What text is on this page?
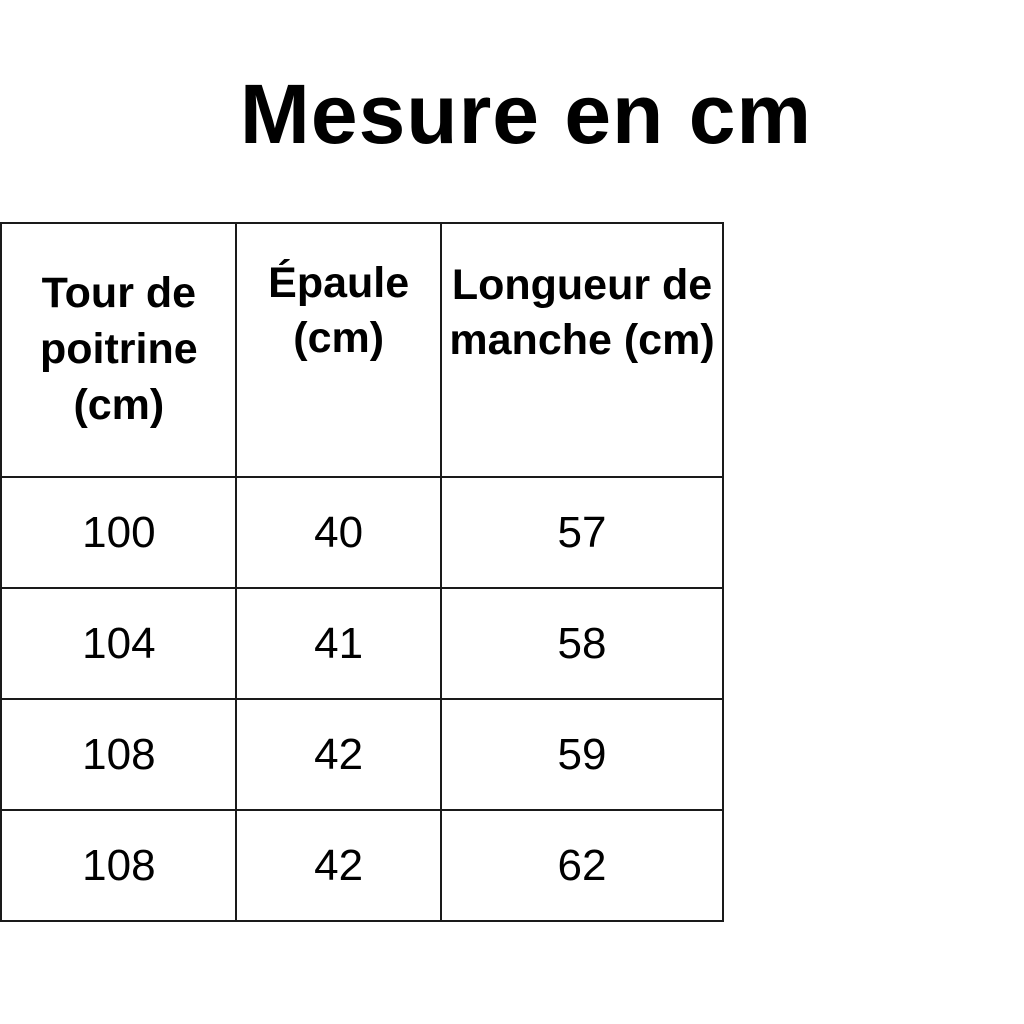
Mesure en cm
	Tour de
poitrine
(cm)	Épaule
(cm)	Longueur de
manche (cm)
	100	40	57
	104	41	58
	108	42	59
	108	42	62
